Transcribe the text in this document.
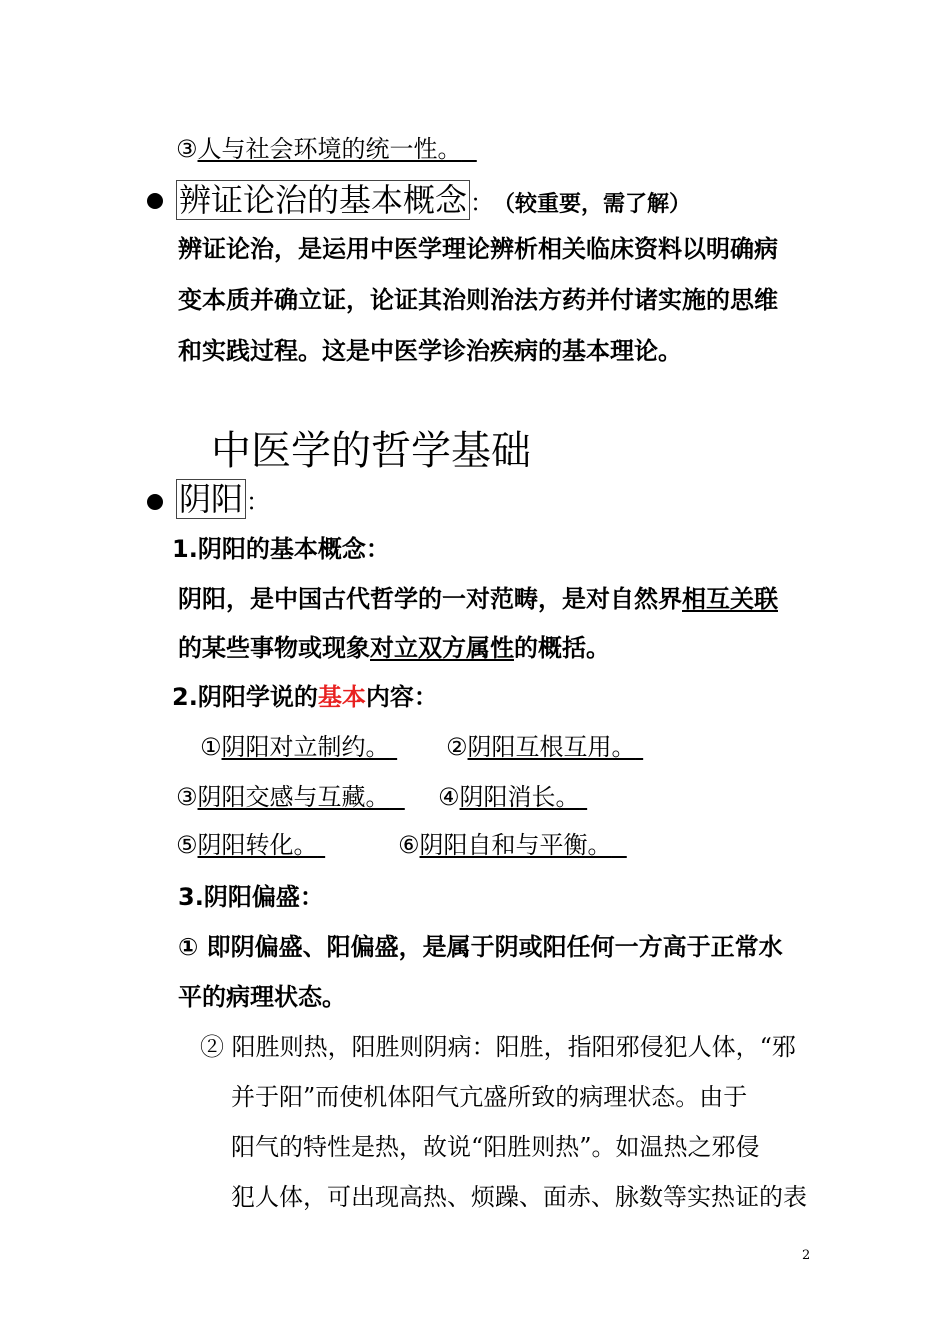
③人与社会环境的统一性。
辨证论治的基本概念 ： （较重要，需了解）
辨证论治，是运用中医学理论辨析相关临床资料以明确病
变本质并确立证，论证其治则治法方药并付诸实施的思维
和实践过程。这是中医学诊治疾病的基本理论。
中医学的哲学基础
阴阳 ：
1.阴阳的基本概念：
阴阳，是中国古代哲学的一对范畴，是对自然界相互关联
的某些事物或现象对立双方属性的概括。
2.阴阳学说的基本内容：
①阴阳对立制约。	②阴阳互根互用。
③阴阳交感与互藏。	④阴阳消长。
⑤阴阳转化。	⑥阴阳自和与平衡。
3.阴阳偏盛：
① 即阴偏盛、阳偏盛，是属于阴或阳任何一方高于正常水
平的病理状态。
② 阳胜则热，阳胜则阴病：阳胜，指阳邪侵犯人体，“邪
并于阳”而使机体阳气亢盛所致的病理状态。由于
阳气的特性是热，故说“阳胜则热”。如温热之邪侵
犯人体，可出现高热、烦躁、面赤、脉数等实热证的表
2
